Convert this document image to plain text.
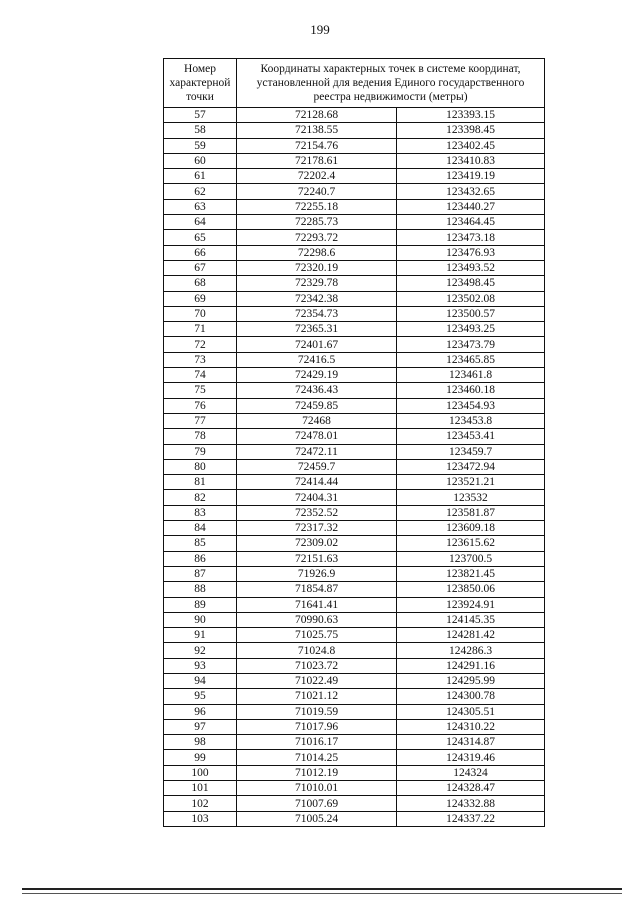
199
Номер характерной точки	Координаты характерных точек в системе координат, установленной для ведения Единого государственного реестра недвижимости (метры)	
57	72128.68	123393.15
58	72138.55	123398.45
59	72154.76	123402.45
60	72178.61	123410.83
61	72202.4	123419.19
62	72240.7	123432.65
63	72255.18	123440.27
64	72285.73	123464.45
65	72293.72	123473.18
66	72298.6	123476.93
67	72320.19	123493.52
68	72329.78	123498.45
69	72342.38	123502.08
70	72354.73	123500.57
71	72365.31	123493.25
72	72401.67	123473.79
73	72416.5	123465.85
74	72429.19	123461.8
75	72436.43	123460.18
76	72459.85	123454.93
77	72468	123453.8
78	72478.01	123453.41
79	72472.11	123459.7
80	72459.7	123472.94
81	72414.44	123521.21
82	72404.31	123532
83	72352.52	123581.87
84	72317.32	123609.18
85	72309.02	123615.62
86	72151.63	123700.5
87	71926.9	123821.45
88	71854.87	123850.06
89	71641.41	123924.91
90	70990.63	124145.35
91	71025.75	124281.42
92	71024.8	124286.3
93	71023.72	124291.16
94	71022.49	124295.99
95	71021.12	124300.78
96	71019.59	124305.51
97	71017.96	124310.22
98	71016.17	124314.87
99	71014.25	124319.46
100	71012.19	124324
101	71010.01	124328.47
102	71007.69	124332.88
103	71005.24	124337.22
